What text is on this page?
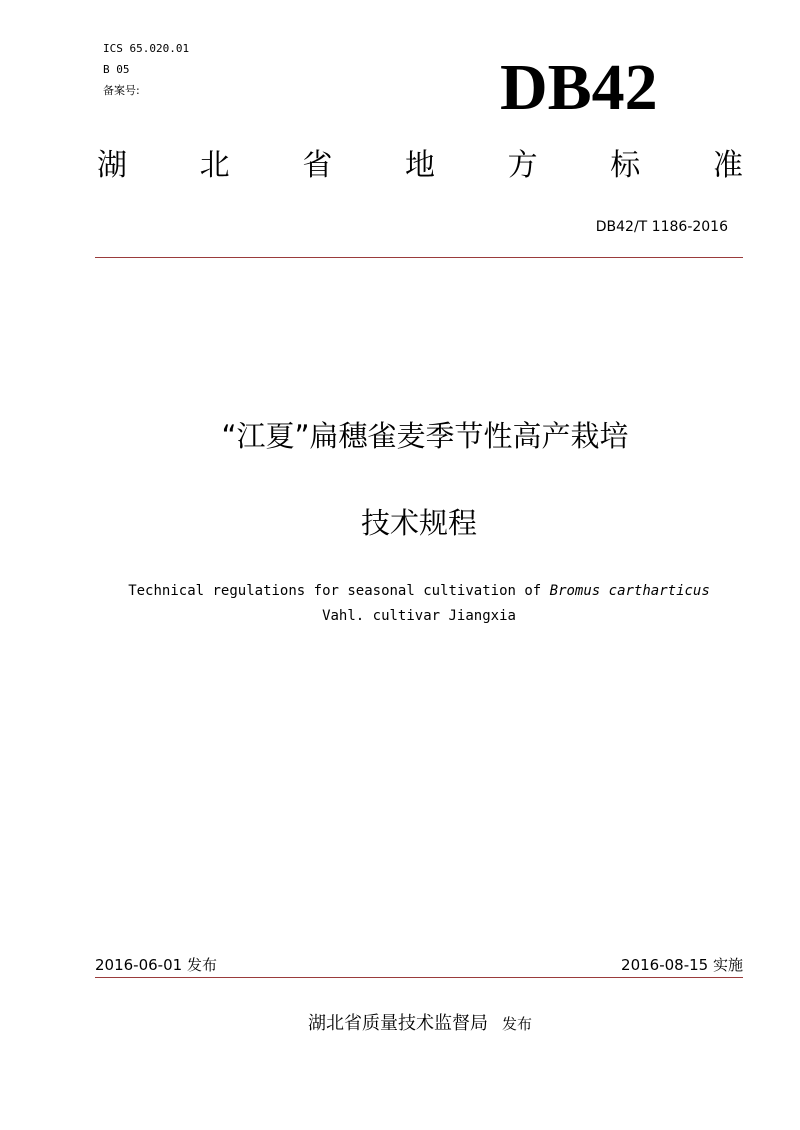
ICS 65.020.01
B 05
备案号:	DB42
湖 北 省 地 方 标 准
DB42/T 1186-2016
“江夏”扁穗雀麦季节性高产栽培
技术规程
Technical regulations for seasonal cultivation of Bromus cartharticus
Vahl. cultivar Jiangxia
2016-06-01 发布	2016-08-15 实施
湖北省质量技术监督局 发布
